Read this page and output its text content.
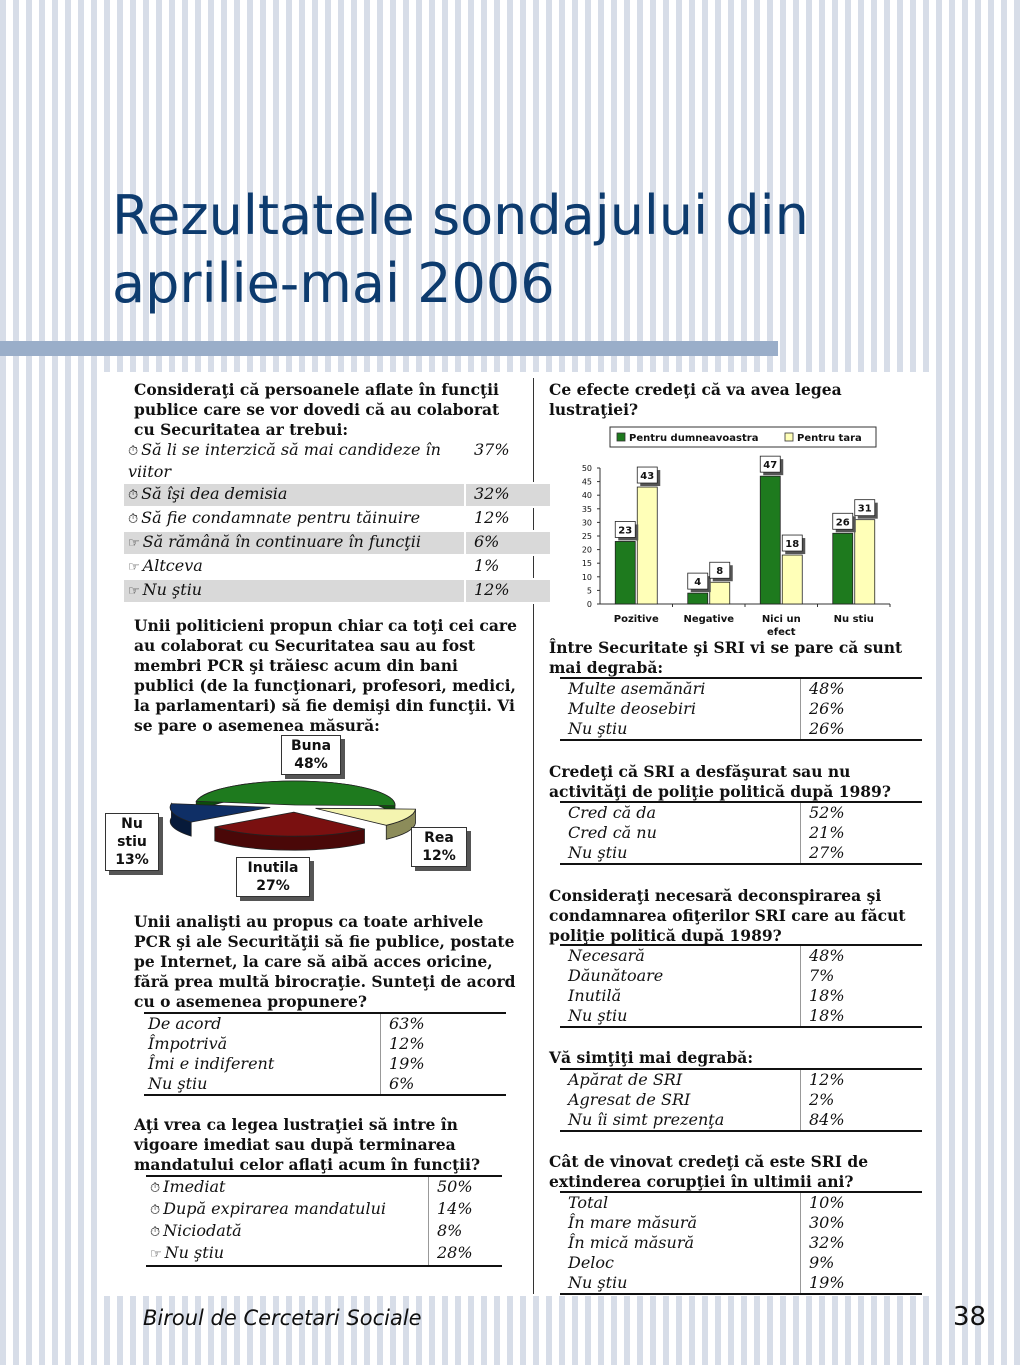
Rezultatele sondajului din
aprilie-mai 2006

Consideraţi că persoanele aflate în funcţii publice care se vor dovedi că au colaborat cu Securitatea ar trebui:

⏱ Să li se interzică să mai candideze în viitor	37%
⏱ Să îşi dea demisia	32%
⏱ Să fie condamnate pentru tăinuire	12%
☞ Să rămână în continuare în funcţii	6%
☞ Altceva	1%
☞ Nu ştiu	12%

Unii politicieni propun chiar ca toţi cei care au colaborat cu Securitatea sau au fost membri PCR şi trăiesc acum din bani publici (de la funcţionari, profesori, medici, la parlamentari) să fie demişi din funcţii. Vi se pare o asemenea măsură:

Buna
48%
Rea
12%
Inutila
27%
Nu stiu
13%

Unii analişti au propus ca toate arhivele PCR şi ale Securităţii să fie publice, postate pe Internet, la care să aibă acces oricine, fără prea multă birocraţie. Sunteţi de acord cu o asemenea propunere?

De acord	63%
Împotrivă	12%
Îmi e indiferent	19%
Nu ştiu	6%

Aţi vrea ca legea lustraţiei să intre în vigoare imediat sau după terminarea mandatului celor aflaţi acum în funcţii?

⏱ Imediat	50%
⏱ După expirarea mandatului	14%
⏱ Niciodată	8%
☞ Nu ştiu	28%

Ce efecte credeţi că va avea legea lustraţiei?

Pentru dumneavoastra	Pentru tara
0
5
10
15
20
25
30
35
40
45
50
Pozitive Negative	Nici un
efect
Nu stiu
23
43
4
8
47
18
26
31

Între Securitate şi SRI vi se pare că sunt mai degrabă:

Multe asemănări	48%
Multe deosebiri	26%
Nu ştiu	26%

Credeţi că SRI a desfăşurat sau nu activităţi de poliţie politică după 1989?

Cred că da	52%
Cred că nu	21%
Nu ştiu	27%

Consideraţi necesară deconspirarea şi condamnarea ofiţerilor SRI care au făcut poliţie politică după 1989?

Necesară	48%
Dăunătoare	7%
Inutilă	18%
Nu ştiu	18%

Vă simţiţi mai degrabă:

Apărat de SRI	12%
Agresat de SRI	2%
Nu îi simt prezenţa	84%

Cât de vinovat credeţi că este SRI de extinderea corupţiei în ultimii ani?

Total	10%
În mare măsură	30%
În mică măsură	32%
Deloc	9%
Nu ştiu	19%
Biroul de Cercetari Sociale	38
